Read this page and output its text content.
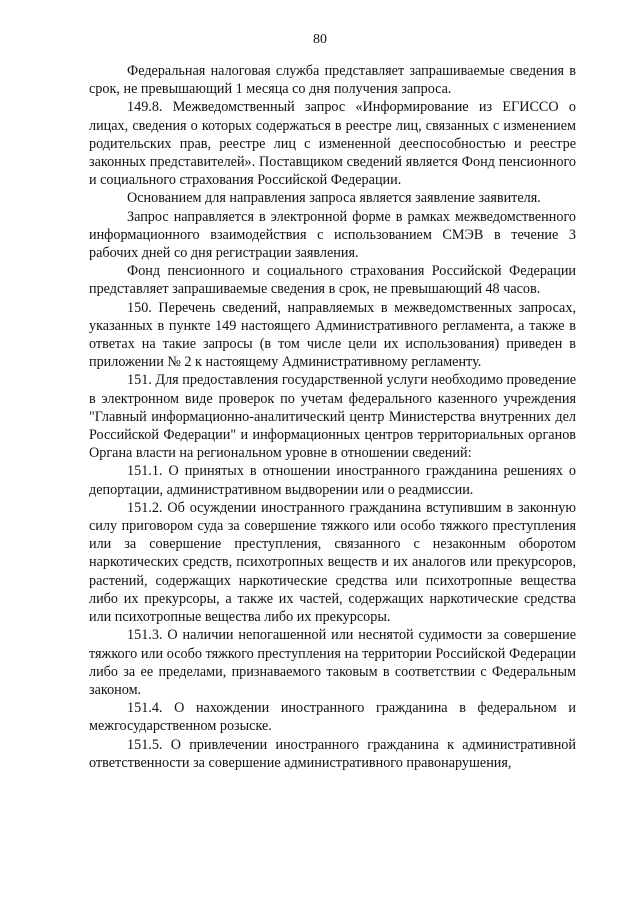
80

Федеральная налоговая служба представляет запрашиваемые сведения в срок, не превышающий 1 месяца со дня получения запроса.

149.8. Межведомственный запрос «Информирование из ЕГИССО о лицах, сведения о которых содержаться в реестре лиц, связанных с изменением родительских прав, реестре лиц с измененной дееспособностью и реестре законных представителей». Поставщиком сведений является Фонд пенсионного и социального страхования Российской Федерации.

Основанием для направления запроса является заявление заявителя.

Запрос направляется в электронной форме в рамках межведомственного информационного взаимодействия с использованием СМЭВ в течение 3 рабочих дней со дня регистрации заявления.

Фонд пенсионного и социального страхования Российской Федерации представляет запрашиваемые сведения в срок, не превышающий 48 часов.

150. Перечень сведений, направляемых в межведомственных запросах, указанных в пункте 149 настоящего Административного регламента, а также в ответах на такие запросы (в том числе цели их использования) приведен в приложении № 2 к настоящему Административному регламенту.

151. Для предоставления государственной услуги необходимо проведение в электронном виде проверок по учетам федерального казенного учреждения "Главный информационно-аналитический центр Министерства внутренних дел Российской Федерации" и информационных центров территориальных органов Органа власти на региональном уровне в отношении сведений:

151.1. О принятых в отношении иностранного гражданина решениях о депортации, административном выдворении или о реадмиссии.

151.2. Об осуждении иностранного гражданина вступившим в законную силу приговором суда за совершение тяжкого или особо тяжкого преступления или за совершение преступления, связанного с незаконным оборотом наркотических средств, психотропных веществ и их аналогов или прекурсоров, растений, содержащих наркотические средства или психотропные вещества либо их прекурсоры, а также их частей, содержащих наркотические средства или психотропные вещества либо их прекурсоры.

151.3. О наличии непогашенной или неснятой судимости за совершение тяжкого или особо тяжкого преступления на территории Российской Федерации либо за ее пределами, признаваемого таковым в соответствии с Федеральным законом.

151.4. О нахождении иностранного гражданина в федеральном и межгосударственном розыске.

151.5. О привлечении иностранного гражданина к административной ответственности за совершение административного правонарушения,
